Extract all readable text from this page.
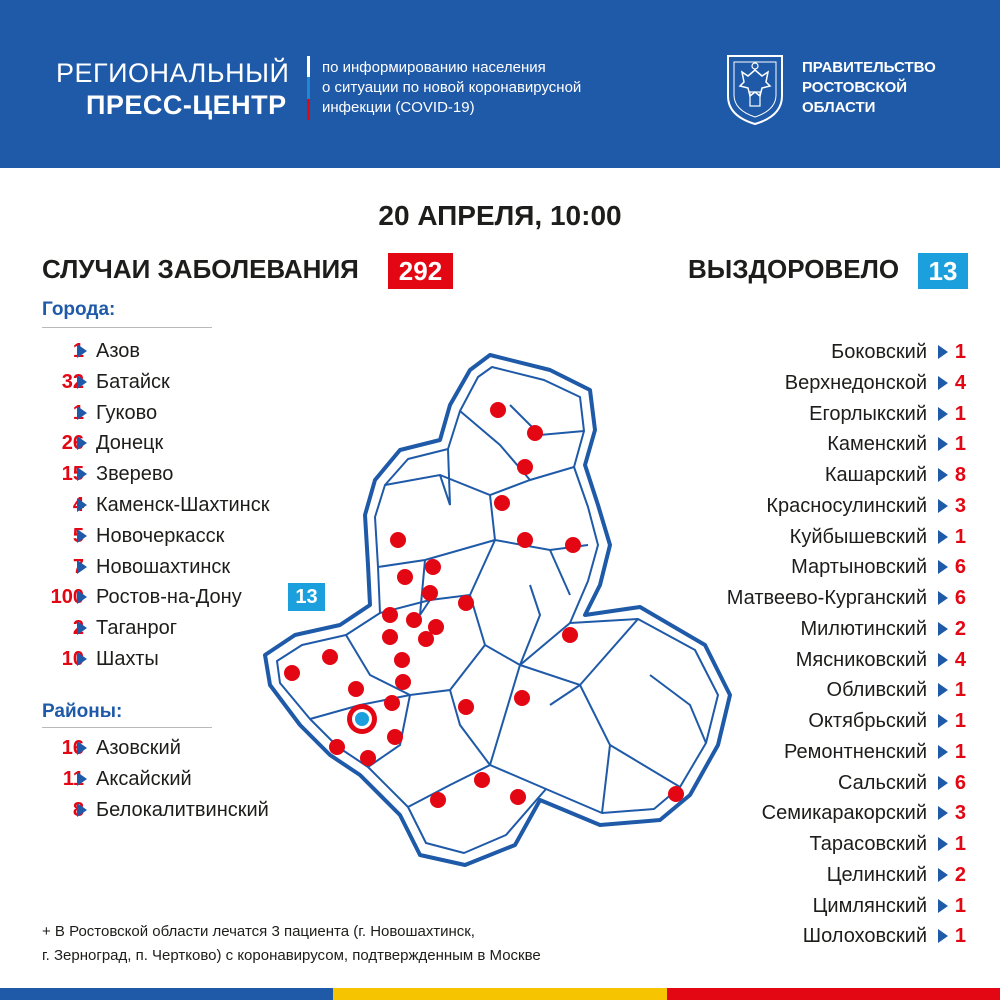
РЕГИОНАЛЬНЫЙ
ПРЕСС-ЦЕНТР
по информированию населения
о ситуации по новой коронавирусной
инфекции (COVID-19)
ПРАВИТЕЛЬСТВО
РОСТОВСКОЙ
ОБЛАСТИ
20 АПРЕЛЯ, 10:00
СЛУЧАИ ЗАБОЛЕВАНИЯ	292	ВЫЗДОРОВЕЛО	13
Города:
1 Азов
32 Батайск
1 Гуково
26 Донецк
15 Зверево
4 Каменск-Шахтинск
5 Новочеркасск
7 Новошахтинск
100 Ростов-на-Дону	13
2 Таганрог
10 Шахты
Районы:
16 Азовский
11 Аксайский
8 Белокалитвинский
Боковский 1
Верхнедонской 4
Егорлыкский 1
Каменский 1
Кашарский 8
Красносулинский 3
Куйбышевский 1
Мартыновский 6
Матвеево-Курганский 6
Милютинский 2
Мясниковский 4
Обливский 1
Октябрьский 1
Ремонтненский 1
Сальский 6
Семикаракорский 3
Тарасовский 1
Целинский 2
Цимлянский 1
Шолоховский 1
+ В Ростовской области лечатся 3 пациента (г. Новошахтинск,
г. Зерноград, п. Чертково) с коронавирусом, подтвержденным в Москве
